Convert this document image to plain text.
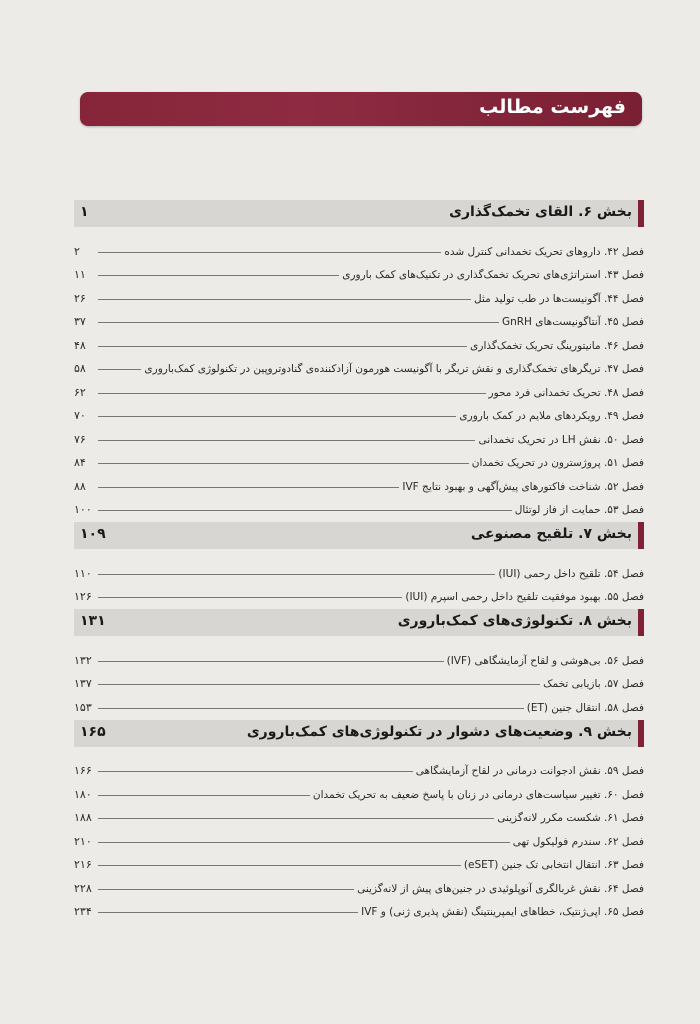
فهرست مطالب
بخش ۶. القای تخمک‌گذاری
۱
فصل ۴۲. داروهای تحریک تخمدانی کنترل شده
۲
فصل ۴۳. استراتژی‌های تحریک تخمک‌گذاری در تکنیک‌های کمک باروری
۱۱
فصل ۴۴. آگونیست‌ها در طب تولید مثل
۲۶
فصل ۴۵. آنتاگونیست‌های GnRH
۳۷
فصل ۴۶. مانیتورینگ تحریک تخمک‌گذاری
۴۸
فصل ۴۷. تریگرهای تخمک‌گذاری و نقش تریگر با آگونیست هورمون آزادکننده‌ی گنادوتروپین در تکنولوژی کمک‌باروری
۵۸
فصل ۴۸. تحریک تخمدانی فرد محور
۶۲
فصل ۴۹. رویکردهای ملایم در کمک باروری
۷۰
فصل ۵۰. نقش LH در تحریک تخمدانی
۷۶
فصل ۵۱. پروژسترون در تحریک تخمدان
۸۴
فصل ۵۲. شناخت فاکتورهای پیش‌آگهی و بهبود نتایج IVF
۸۸
فصل ۵۳. حمایت از فاز لوتئال
۱۰۰
بخش ۷. تلقیح مصنوعی
۱۰۹
فصل ۵۴. تلقیح داخل رحمی (IUI)
۱۱۰
فصل ۵۵. بهبود موفقیت تلقیح داخل رحمی اسپرم (IUI)
۱۲۶
بخش ۸. تکنولوژی‌های کمک‌باروری
۱۳۱
فصل ۵۶. بی‌هوشی و لقاح آزمایشگاهی (IVF)
۱۳۲
فصل ۵۷. بازیابی تخمک
۱۳۷
فصل ۵۸. انتقال جنین (ET)
۱۵۳
بخش ۹. وضعیت‌های دشوار در تکنولوژی‌های کمک‌باروری
۱۶۵
فصل ۵۹. نقش ادجوانت درمانی در لقاح آزمایشگاهی
۱۶۶
فصل ۶۰. تغییر سیاست‌های درمانی در زنان با پاسخ ضعیف به تحریک تخمدان
۱۸۰
فصل ۶۱. شکست مکرر لانه‌گزینی
۱۸۸
فصل ۶۲. سندرم فولیکول تهی
۲۱۰
فصل ۶۳. انتقال انتخابی تک جنین (eSET)
۲۱۶
فصل ۶۴. نقش غربالگری آنوپلوئیدی در جنین‌های پیش از لانه‌گزینی
۲۲۸
فصل ۶۵. اپی‌ژنتیک، خطاهای ایمپرینتینگ (نقش پذیری ژنی) و IVF
۲۳۴
